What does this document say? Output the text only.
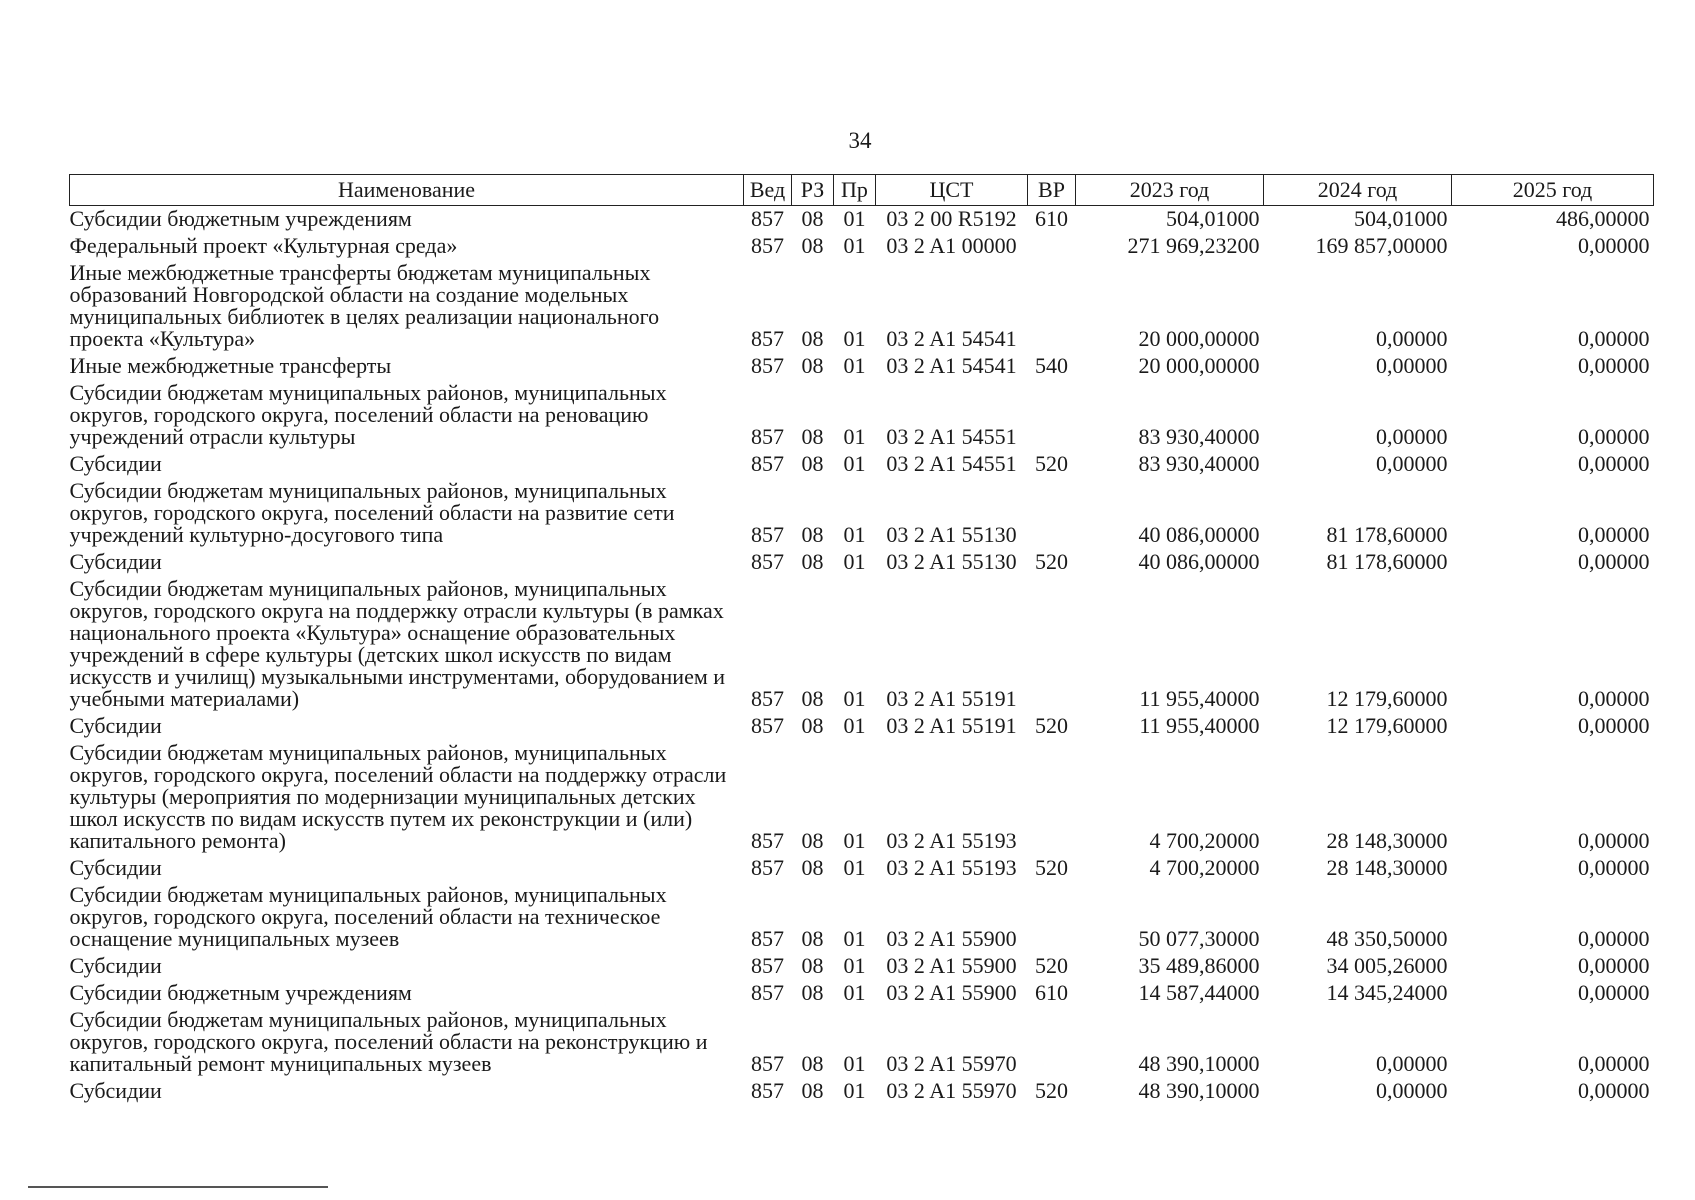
34
Наименование	Вед	РЗ	Пр	ЦСТ	ВР	2023 год	2024 год	2025 год
Субсидии бюджетным учреждениям	857	08	01	03 2 00 R5192	610	504,01000	504,01000	486,00000
Федеральный проект «Культурная среда»	857	08	01	03 2 A1 00000		271 969,23200	169 857,00000	0,00000
Иные межбюджетные трансферты бюджетам муниципальных образований Новгородской области на создание модельных муниципальных библиотек в целях реализации национального проекта «Культура»	857	08	01	03 2 A1 54541		20 000,00000	0,00000	0,00000
Иные межбюджетные трансферты	857	08	01	03 2 A1 54541	540	20 000,00000	0,00000	0,00000
Субсидии бюджетам муниципальных районов, муниципальных округов, городского округа, поселений области на реновацию учреждений отрасли культуры	857	08	01	03 2 A1 54551		83 930,40000	0,00000	0,00000
Субсидии	857	08	01	03 2 A1 54551	520	83 930,40000	0,00000	0,00000
Субсидии бюджетам муниципальных районов, муниципальных округов, городского округа, поселений области на развитие сети учреждений культурно-досугового типа	857	08	01	03 2 A1 55130		40 086,00000	81 178,60000	0,00000
Субсидии	857	08	01	03 2 A1 55130	520	40 086,00000	81 178,60000	0,00000
Субсидии бюджетам муниципальных районов, муниципальных округов, городского округа на поддержку отрасли культуры (в рамках национального проекта «Культура» оснащение образовательных учреждений в сфере культуры (детских школ искусств по видам искусств и училищ) музыкальными инструментами, оборудованием и учебными материалами)	857	08	01	03 2 A1 55191		11 955,40000	12 179,60000	0,00000
Субсидии	857	08	01	03 2 A1 55191	520	11 955,40000	12 179,60000	0,00000
Субсидии бюджетам муниципальных районов, муниципальных округов, городского округа, поселений области на поддержку отрасли культуры (мероприятия по модернизации муниципальных детских школ искусств по видам искусств путем их реконструкции и (или) капитального ремонта)	857	08	01	03 2 A1 55193		4 700,20000	28 148,30000	0,00000
Субсидии	857	08	01	03 2 A1 55193	520	4 700,20000	28 148,30000	0,00000
Субсидии бюджетам муниципальных районов, муниципальных округов, городского округа, поселений области на техническое оснащение муниципальных музеев	857	08	01	03 2 A1 55900		50 077,30000	48 350,50000	0,00000
Субсидии	857	08	01	03 2 A1 55900	520	35 489,86000	34 005,26000	0,00000
Субсидии бюджетным учреждениям	857	08	01	03 2 A1 55900	610	14 587,44000	14 345,24000	0,00000
Субсидии бюджетам муниципальных районов, муниципальных округов, городского округа, поселений области на реконструкцию и капитальный ремонт муниципальных музеев	857	08	01	03 2 A1 55970		48 390,10000	0,00000	0,00000
Субсидии	857	08	01	03 2 A1 55970	520	48 390,10000	0,00000	0,00000
